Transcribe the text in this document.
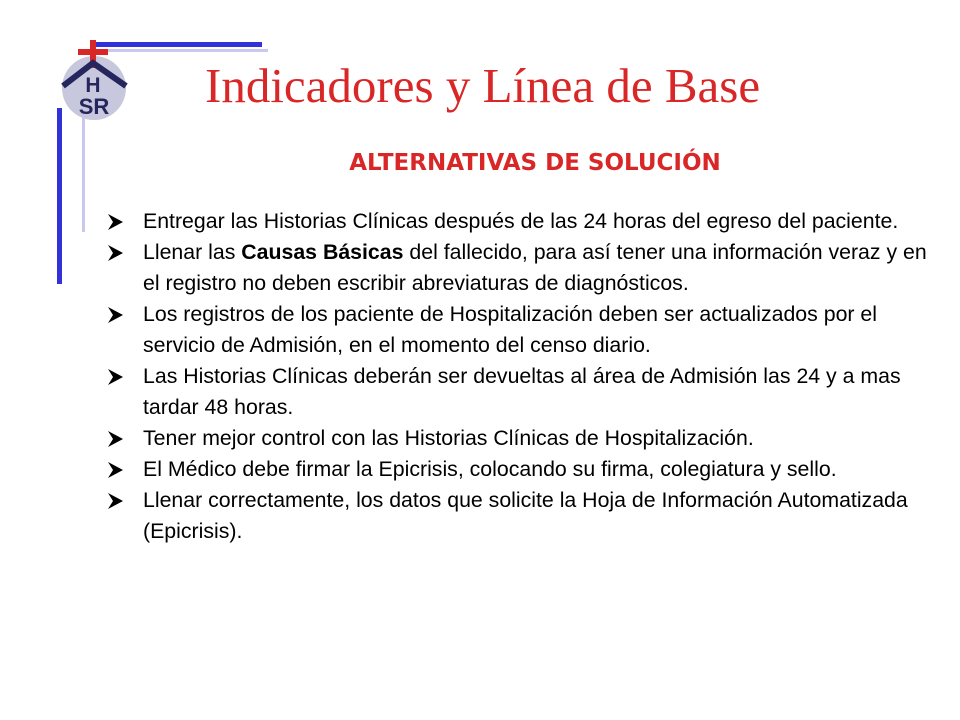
H
SR Indicadores y Línea de Base
ALTERNATIVAS DE SOLUCIÓN
Entregar las Historias Clínicas después de las 24 horas del egreso del paciente.
Llenar las Causas Básicas del fallecido, para así tener una información veraz y en el registro no deben escribir abreviaturas de diagnósticos.
Los registros de los paciente de Hospitalización deben ser actualizados por el servicio de Admisión, en el momento del censo diario.
Las Historias Clínicas deberán ser devueltas al área de Admisión las 24 y a mas tardar 48 horas.
Tener mejor control con las Historias Clínicas de Hospitalización.
El Médico debe firmar la Epicrisis, colocando su firma, colegiatura y sello.
Llenar correctamente, los datos que solicite la Hoja de Información Automatizada (Epicrisis).
